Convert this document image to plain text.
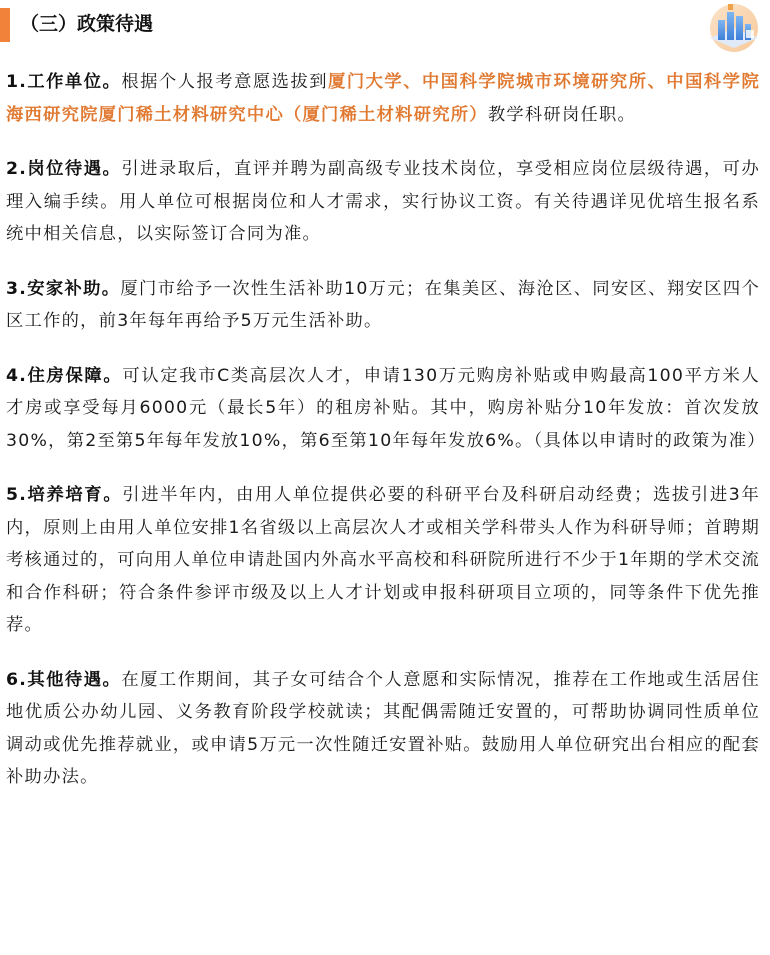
（三）政策待遇

1.工作单位。根据个人报考意愿选拔到厦门大学、中国科学院城市环境研究所、中国科学院海西研究院厦门稀土材料研究中心（厦门稀土材料研究所）教学科研岗任职。

2.岗位待遇。引进录取后，直评并聘为副高级专业技术岗位，享受相应岗位层级待遇，可办理入编手续。用人单位可根据岗位和人才需求，实行协议工资。有关待遇详见优培生报名系统中相关信息，以实际签订合同为准。

3.安家补助。厦门市给予一次性生活补助10万元；在集美区、海沧区、同安区、翔安区四个区工作的，前3年每年再给予5万元生活补助。

4.住房保障。可认定我市C类高层次人才，申请130万元购房补贴或申购最高100平方米人才房或享受每月6000元（最长5年）的租房补贴。其中，购房补贴分10年发放：首次发放30%，第2至第5年每年发放10%，第6至第10年每年发放6%。（具体以申请时的政策为准）

5.培养培育。引进半年内，由用人单位提供必要的科研平台及科研启动经费；选拔引进3年内，原则上由用人单位安排1名省级以上高层次人才或相关学科带头人作为科研导师；首聘期考核通过的，可向用人单位申请赴国内外高水平高校和科研院所进行不少于1年期的学术交流和合作科研；符合条件参评市级及以上人才计划或申报科研项目立项的，同等条件下优先推荐。

6.其他待遇。在厦工作期间，其子女可结合个人意愿和实际情况，推荐在工作地或生活居住地优质公办幼儿园、义务教育阶段学校就读；其配偶需随迁安置的，可帮助协调同性质单位调动或优先推荐就业，或申请5万元一次性随迁安置补贴。鼓励用人单位研究出台相应的配套补助办法。
